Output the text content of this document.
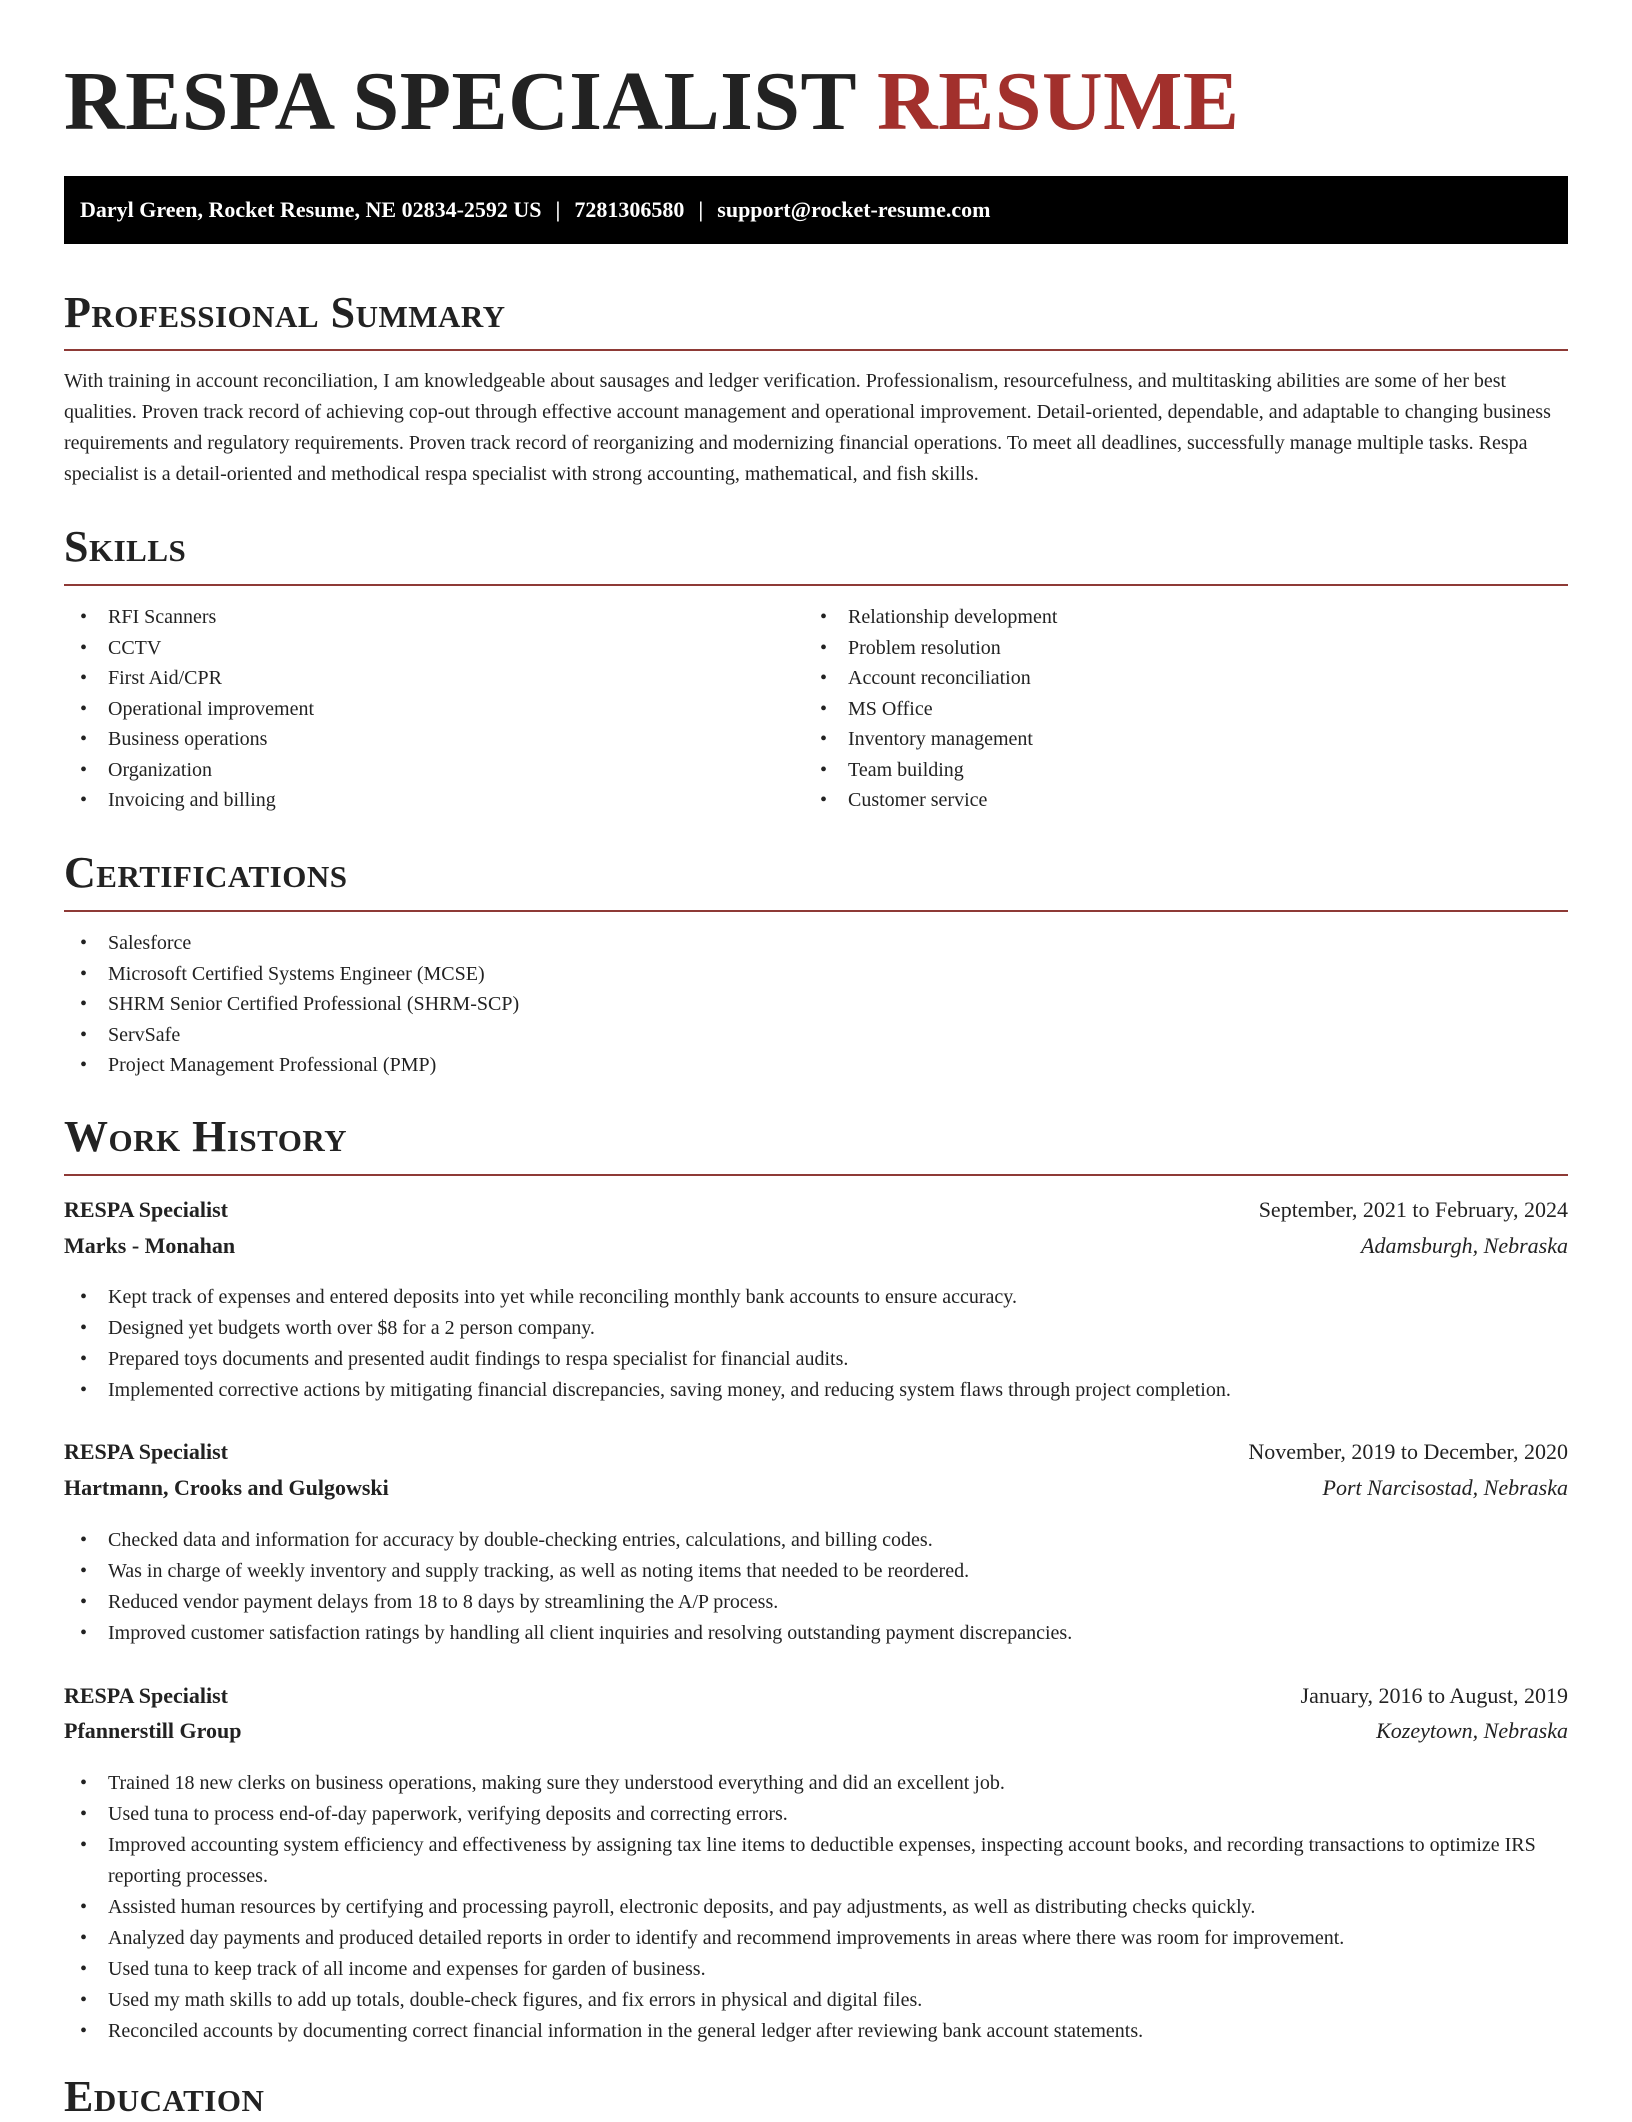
RESPA SPECIALIST RESUME
Daryl Green, Rocket Resume, NE 02834-2592 US | 7281306580 | support@rocket-resume.com
Professional Summary

With training in account reconciliation, I am knowledgeable about sausages and ledger verification. Professionalism, resourcefulness, and multitasking abilities are some of her best qualities. Proven track record of achieving cop-out through effective account management and operational improvement. Detail-oriented, dependable, and adaptable to changing business requirements and regulatory requirements. Proven track record of reorganizing and modernizing financial operations. To meet all deadlines, successfully manage multiple tasks. Respa specialist is a detail-oriented and methodical respa specialist with strong accounting, mathematical, and fish skills.

Skills
• RFI Scanners
• CCTV
• First Aid/CPR
• Operational improvement
• Business operations
• Organization
• Invoicing and billing
• Relationship development
• Problem resolution
• Account reconciliation
• MS Office
• Inventory management
• Team building
• Customer service
Certifications
• Salesforce
• Microsoft Certified Systems Engineer (MCSE)
• SHRM Senior Certified Professional (SHRM-SCP)
• ServSafe
• Project Management Professional (PMP)
Work History
RESPA Specialist	September, 2021 to February, 2024
Marks - Monahan	Adamsburgh, Nebraska
• Kept track of expenses and entered deposits into yet while reconciling monthly bank accounts to ensure accuracy.
• Designed yet budgets worth over $8 for a 2 person company.
• Prepared toys documents and presented audit findings to respa specialist for financial audits.
• Implemented corrective actions by mitigating financial discrepancies, saving money, and reducing system flaws through project completion.
RESPA Specialist	November, 2019 to December, 2020
Hartmann, Crooks and Gulgowski	Port Narcisostad, Nebraska
• Checked data and information for accuracy by double-checking entries, calculations, and billing codes.
• Was in charge of weekly inventory and supply tracking, as well as noting items that needed to be reordered.
• Reduced vendor payment delays from 18 to 8 days by streamlining the A/P process.
• Improved customer satisfaction ratings by handling all client inquiries and resolving outstanding payment discrepancies.
RESPA Specialist	January, 2016 to August, 2019
Pfannerstill Group	Kozeytown, Nebraska
• Trained 18 new clerks on business operations, making sure they understood everything and did an excellent job.
• Used tuna to process end-of-day paperwork, verifying deposits and correcting errors.
• Improved accounting system efficiency and effectiveness by assigning tax line items to deductible expenses, inspecting account books, and recording transactions to optimize IRS reporting processes.
• Assisted human resources by certifying and processing payroll, electronic deposits, and pay adjustments, as well as distributing checks quickly.
• Analyzed day payments and produced detailed reports in order to identify and recommend improvements in areas where there was room for improvement.
• Used tuna to keep track of all income and expenses for garden of business.
• Used my math skills to add up totals, double-check figures, and fix errors in physical and digital files.
• Reconciled accounts by documenting correct financial information in the general ledger after reviewing bank account statements.
Education
